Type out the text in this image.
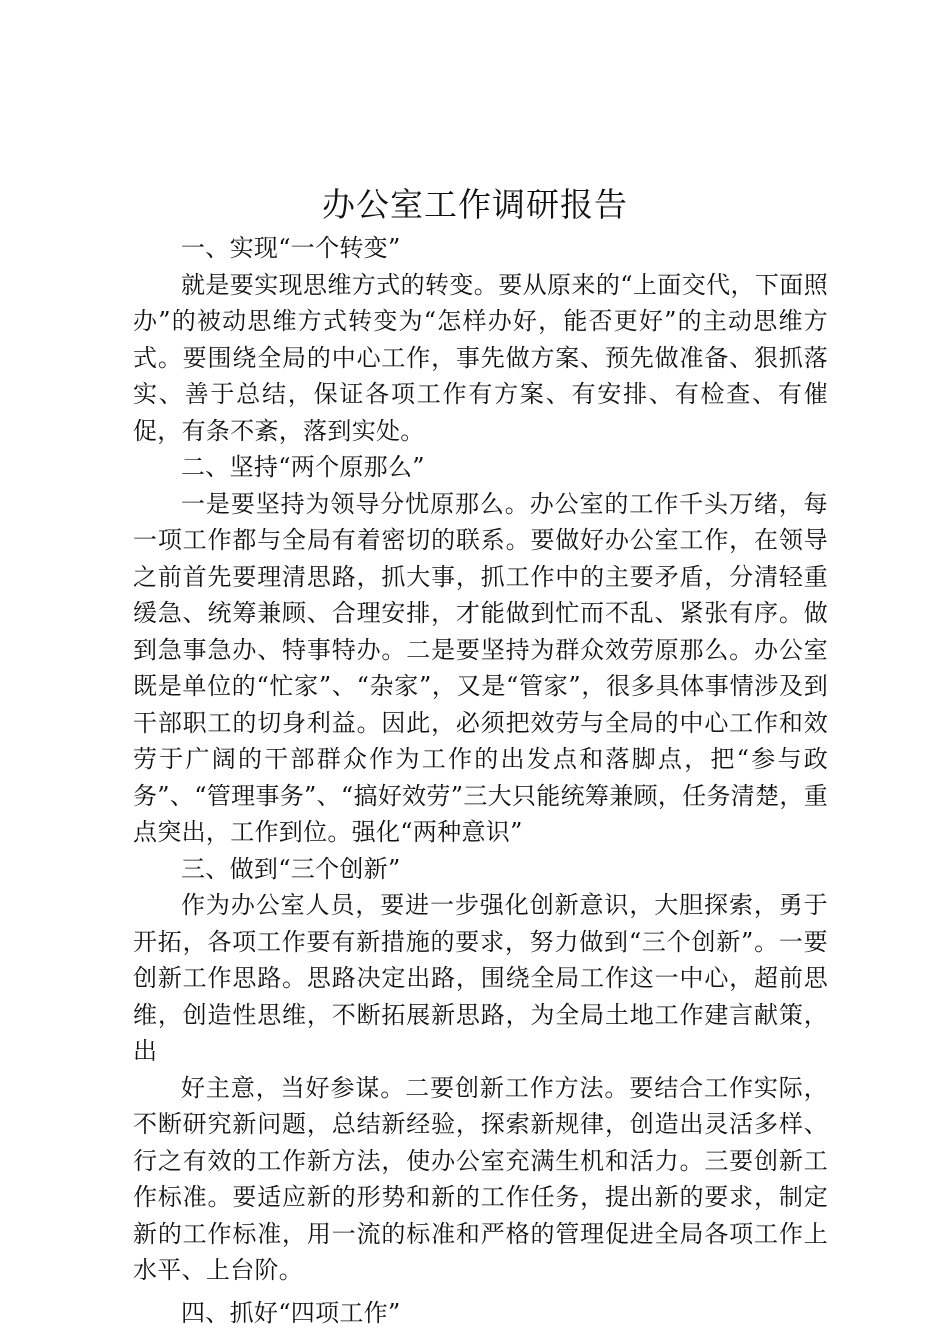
办公室工作调研报告

一、实现“一个转变”

就是要实现思维方式的转变。要从原来的“上面交代，下面照办”的被动思维方式转变为“怎样办好，能否更好”的主动思维方式。要围绕全局的中心工作，事先做方案、预先做准备、狠抓落实、善于总结，保证各项工作有方案、有安排、有检查、有催促，有条不紊，落到实处。

二、坚持“两个原那么”

一是要坚持为领导分忧原那么。办公室的工作千头万绪，每一项工作都与全局有着密切的联系。要做好办公室工作，在领导之前首先要理清思路，抓大事，抓工作中的主要矛盾，分清轻重缓急、统筹兼顾、合理安排，才能做到忙而不乱、紧张有序。做到急事急办、特事特办。二是要坚持为群众效劳原那么。办公室既是单位的“忙家”、“杂家”，又是“管家”，很多具体事情涉及到干部职工的切身利益。因此，必须把效劳与全局的中心工作和效劳于广阔的干部群众作为工作的出发点和落脚点，把“参与政务”、“管理事务”、“搞好效劳”三大只能统筹兼顾，任务清楚，重点突出，工作到位。强化“两种意识”

三、做到“三个创新”

作为办公室人员，要进一步强化创新意识，大胆探索，勇于开拓，各项工作要有新措施的要求，努力做到“三个创新”。一要创新工作思路。思路决定出路，围绕全局工作这一中心，超前思维，创造性思维，不断拓展新思路，为全局土地工作建言献策，出

好主意，当好参谋。二要创新工作方法。要结合工作实际，不断研究新问题，总结新经验，探索新规律，创造出灵活多样、行之有效的工作新方法，使办公室充满生机和活力。三要创新工作标准。要适应新的形势和新的工作任务，提出新的要求，制定新的工作标准，用一流的标准和严格的管理促进全局各项工作上水平、上台阶。

四、抓好“四项工作”
